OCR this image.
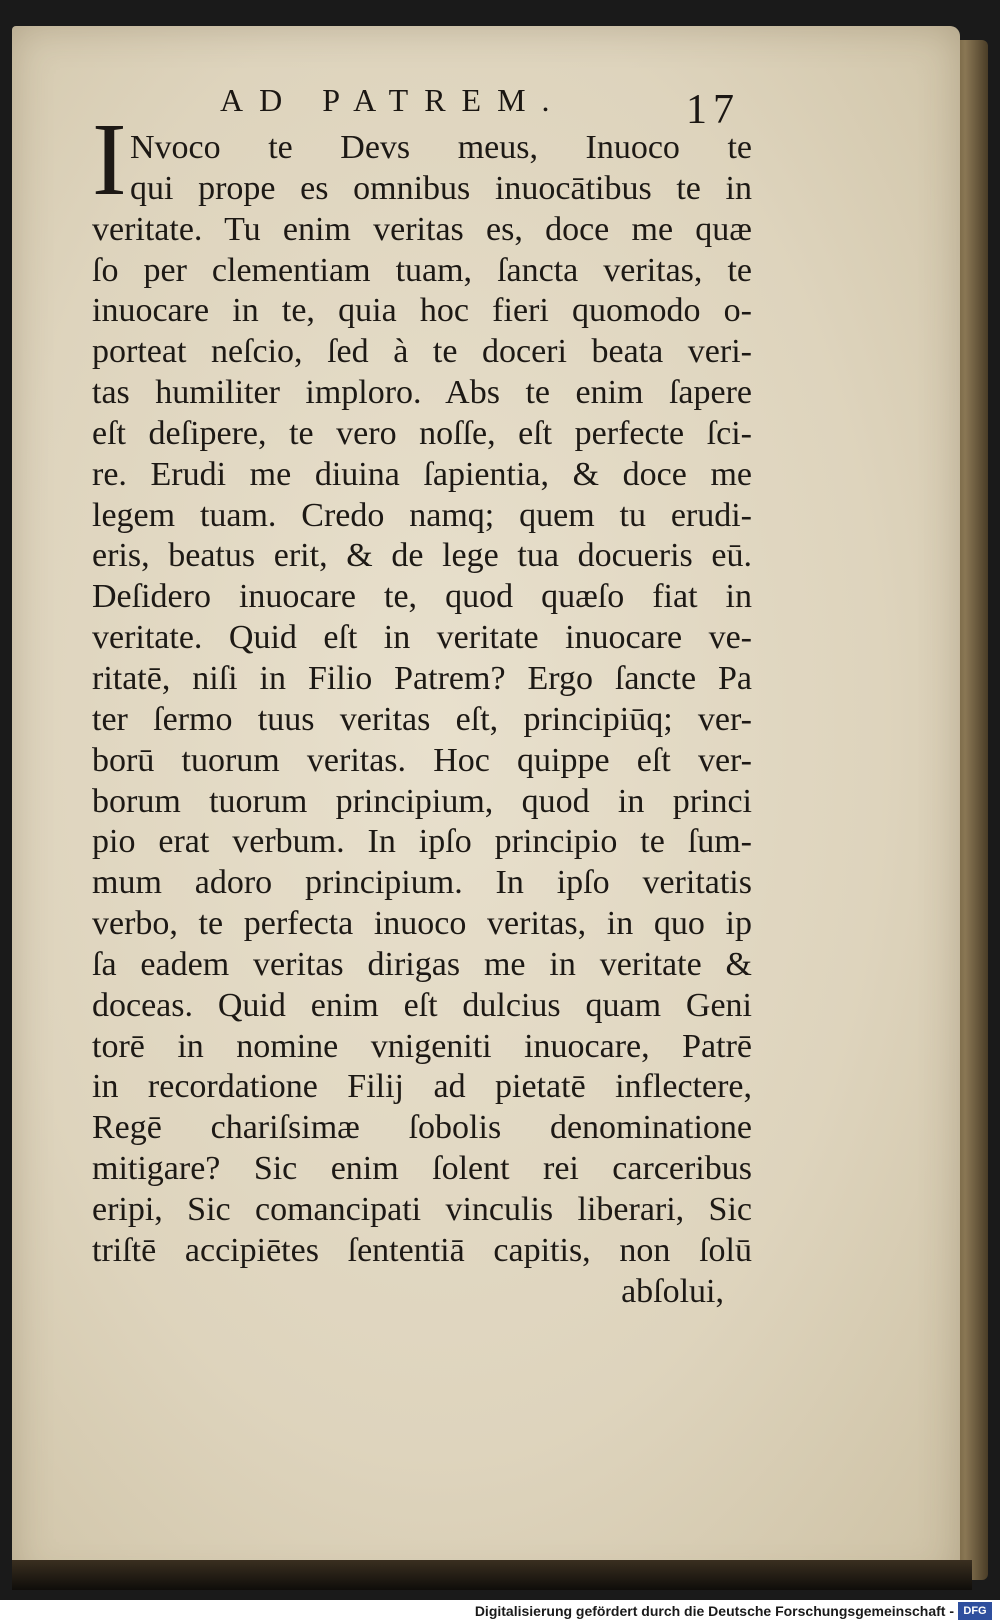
AD PATREM.	17
I Nvoco te Devs meus, Inuoco te
qui prope es omnibus inuocātibus te in
veritate. Tu enim veritas es, doce me quæ
ſo per clementiam tuam, ſancta veritas, te
inuocare in te, quia hoc fieri quomodo o-
porteat neſcio, ſed à te doceri beata veri-
tas humiliter imploro. Abs te enim ſapere
eſt deſipere, te vero noſſe, eſt perfecte ſci-
re. Erudi me diuina ſapientia, & doce me
legem tuam. Credo namq; quem tu erudi-
eris, beatus erit, & de lege tua docueris eū.
Deſidero inuocare te, quod quæſo fiat in
veritate. Quid eſt in veritate inuocare ve-
ritatē, niſi in Filio Patrem? Ergo ſancte Pa
ter ſermo tuus veritas eſt, principiūq; ver-
borū tuorum veritas. Hoc quippe eſt ver-
borum tuorum principium, quod in princi
pio erat verbum. In ipſo principio te ſum-
mum adoro principium. In ipſo veritatis
verbo, te perfecta inuoco veritas, in quo ip
ſa eadem veritas dirigas me in veritate &
doceas. Quid enim eſt dulcius quam Geni
torē in nomine vnigeniti inuocare, Patrē
in recordatione Filij ad pietatē inflectere,
Regē chariſsimæ ſobolis denominatione
mitigare? Sic enim ſolent rei carceribus
eripi, Sic comancipati vinculis liberari, Sic
triſtē accipiētes ſententiā capitis, non ſolū
abſolui,
Digitalisierung gefördert durch die Deutsche Forschungsgemeinschaft - DFG
